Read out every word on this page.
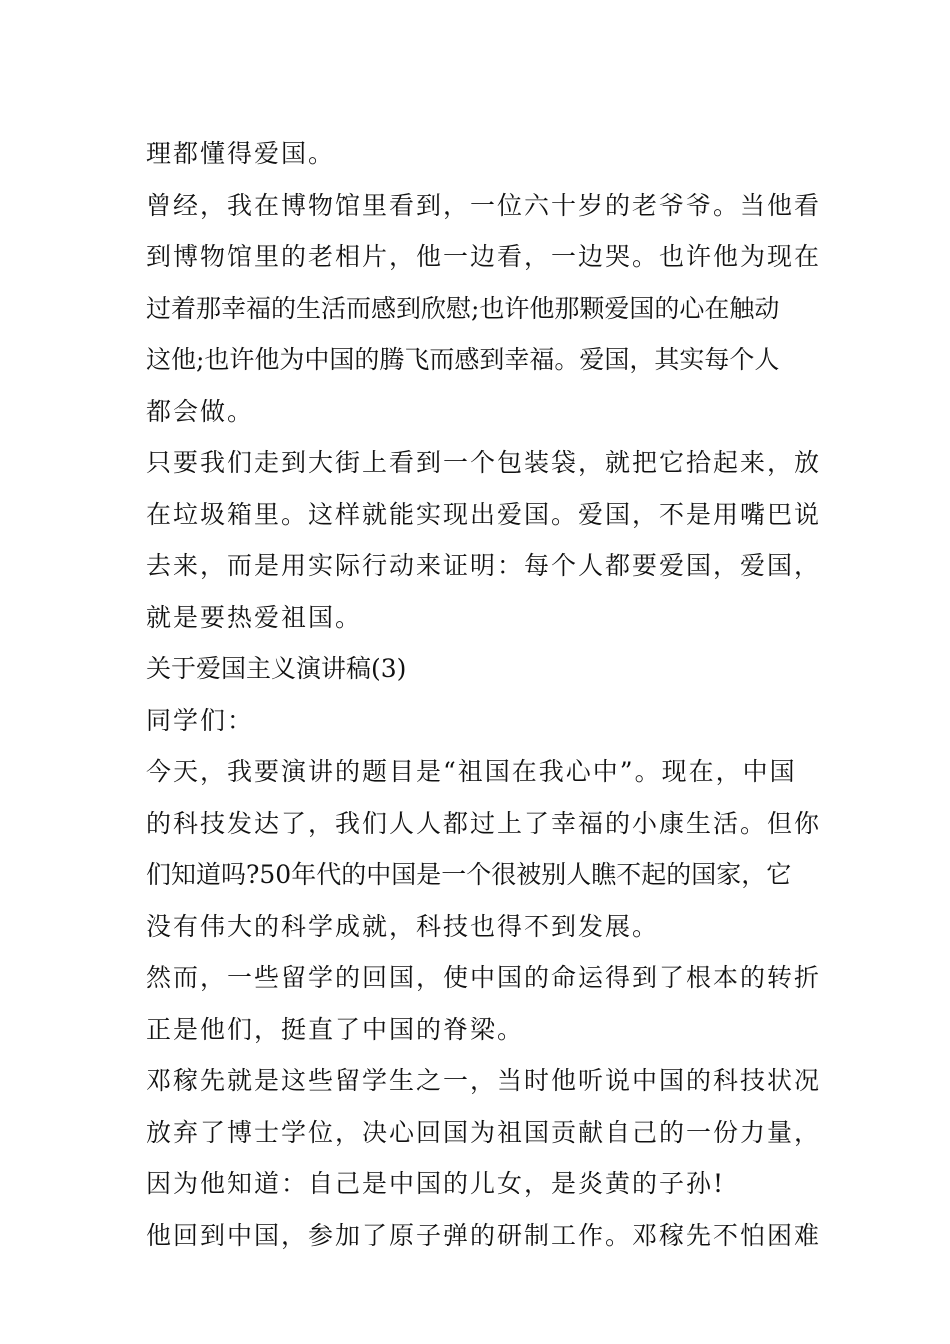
理都懂得爱国。
曾经，我在博物馆里看到，一位六十岁的老爷爷。当他看
到博物馆里的老相片，他一边看，一边哭。也许他为现在
过着那幸福的生活而感到欣慰;也许他那颗爱国的心在触动
这他;也许他为中国的腾飞而感到幸福。爱国，其实每个人
都会做。
只要我们走到大街上看到一个包装袋，就把它拾起来，放
在垃圾箱里。这样就能实现出爱国。爱国，不是用嘴巴说
去来，而是用实际行动来证明：每个人都要爱国，爱国，
就是要热爱祖国。
关于爱国主义演讲稿(3)
同学们：
今天，我要演讲的题目是“祖国在我心中”。现在，中国
的科技发达了，我们人人都过上了幸福的小康生活。但你
们知道吗?50年代的中国是一个很被别人瞧不起的国家，它
没有伟大的科学成就，科技也得不到发展。
然而，一些留学的回国，使中国的命运得到了根本的转折
正是他们，挺直了中国的脊梁。
邓稼先就是这些留学生之一，当时他听说中国的科技状况
放弃了博士学位，决心回国为祖国贡献自己的一份力量，
因为他知道：自己是中国的儿女，是炎黄的子孙!
他回到中国，参加了原子弹的研制工作。邓稼先不怕困难
